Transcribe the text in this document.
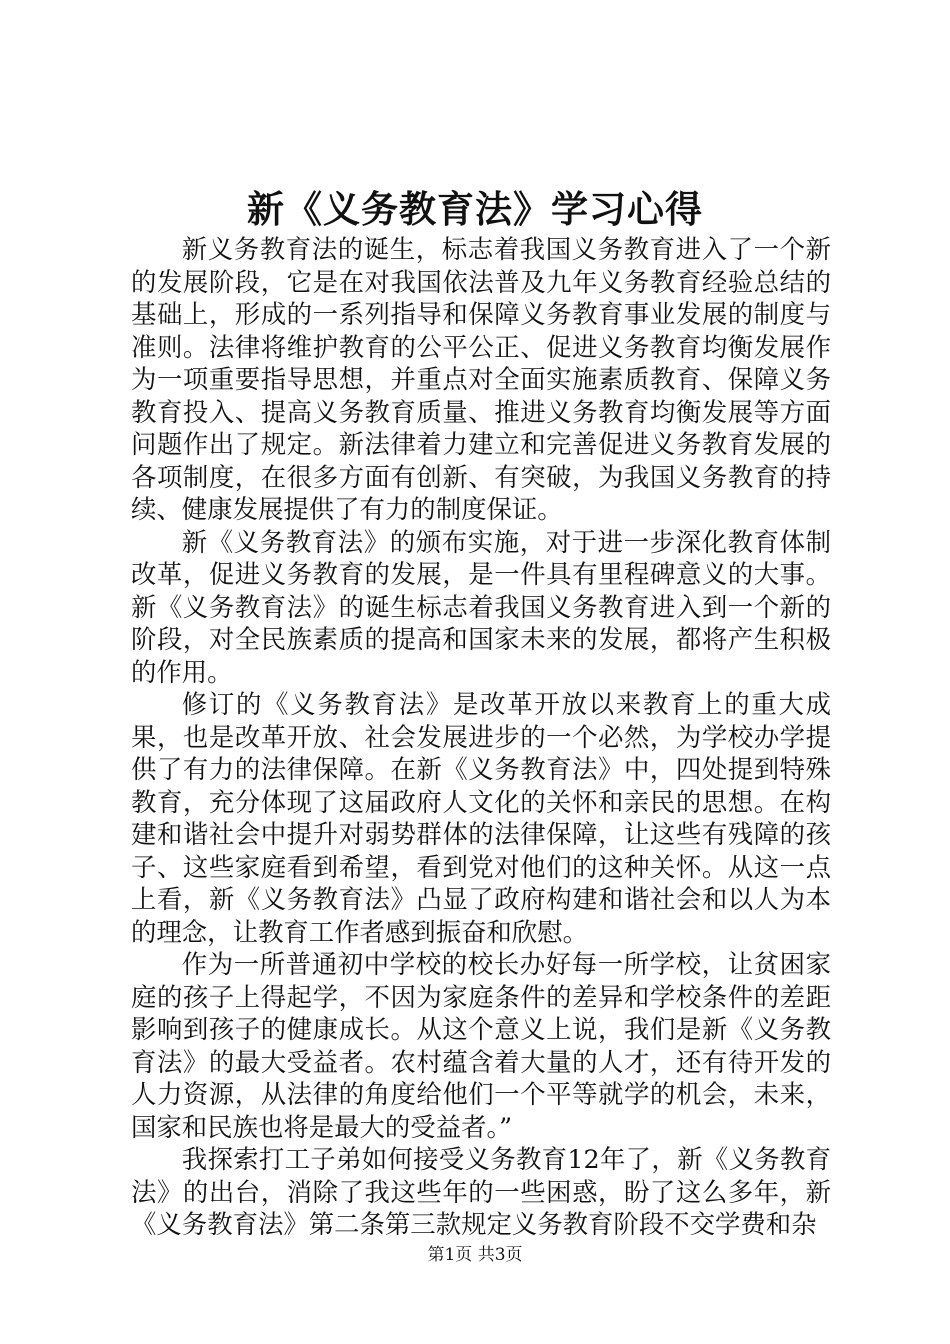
新《义务教育法》学习心得

新义务教育法的诞生，标志着我国义务教育进入了一个新的发展阶段，它是在对我国依法普及九年义务教育经验总结的基础上，形成的一系列指导和保障义务教育事业发展的制度与准则。法律将维护教育的公平公正、促进义务教育均衡发展作为一项重要指导思想，并重点对全面实施素质教育、保障义务教育投入、提高义务教育质量、推进义务教育均衡发展等方面问题作出了规定。新法律着力建立和完善促进义务教育发展的各项制度，在很多方面有创新、有突破，为我国义务教育的持续、健康发展提供了有力的制度保证。

新《义务教育法》的颁布实施，对于进一步深化教育体制改革，促进义务教育的发展，是一件具有里程碑意义的大事。新《义务教育法》的诞生标志着我国义务教育进入到一个新的阶段，对全民族素质的提高和国家未来的发展，都将产生积极的作用。

修订的《义务教育法》是改革开放以来教育上的重大成果，也是改革开放、社会发展进步的一个必然，为学校办学提供了有力的法律保障。在新《义务教育法》中，四处提到特殊教育，充分体现了这届政府人文化的关怀和亲民的思想。在构建和谐社会中提升对弱势群体的法律保障，让这些有残障的孩子、这些家庭看到希望，看到党对他们的这种关怀。从这一点上看，新《义务教育法》凸显了政府构建和谐社会和以人为本的理念，让教育工作者感到振奋和欣慰。

作为一所普通初中学校的校长办好每一所学校，让贫困家庭的孩子上得起学，不因为家庭条件的差异和学校条件的差距影响到孩子的健康成长。从这个意义上说，我们是新《义务教育法》的最大受益者。农村蕴含着大量的人才，还有待开发的人力资源，从法律的角度给他们一个平等就学的机会，未来，国家和民族也将是最大的受益者。”

我探索打工子弟如何接受义务教育12年了，新《义务教育法》的出台，消除了我这些年的一些困惑，盼了这么多年，新《义务教育法》第二条第三款规定义务教育阶段不交学费和杂

第1页 共3页
